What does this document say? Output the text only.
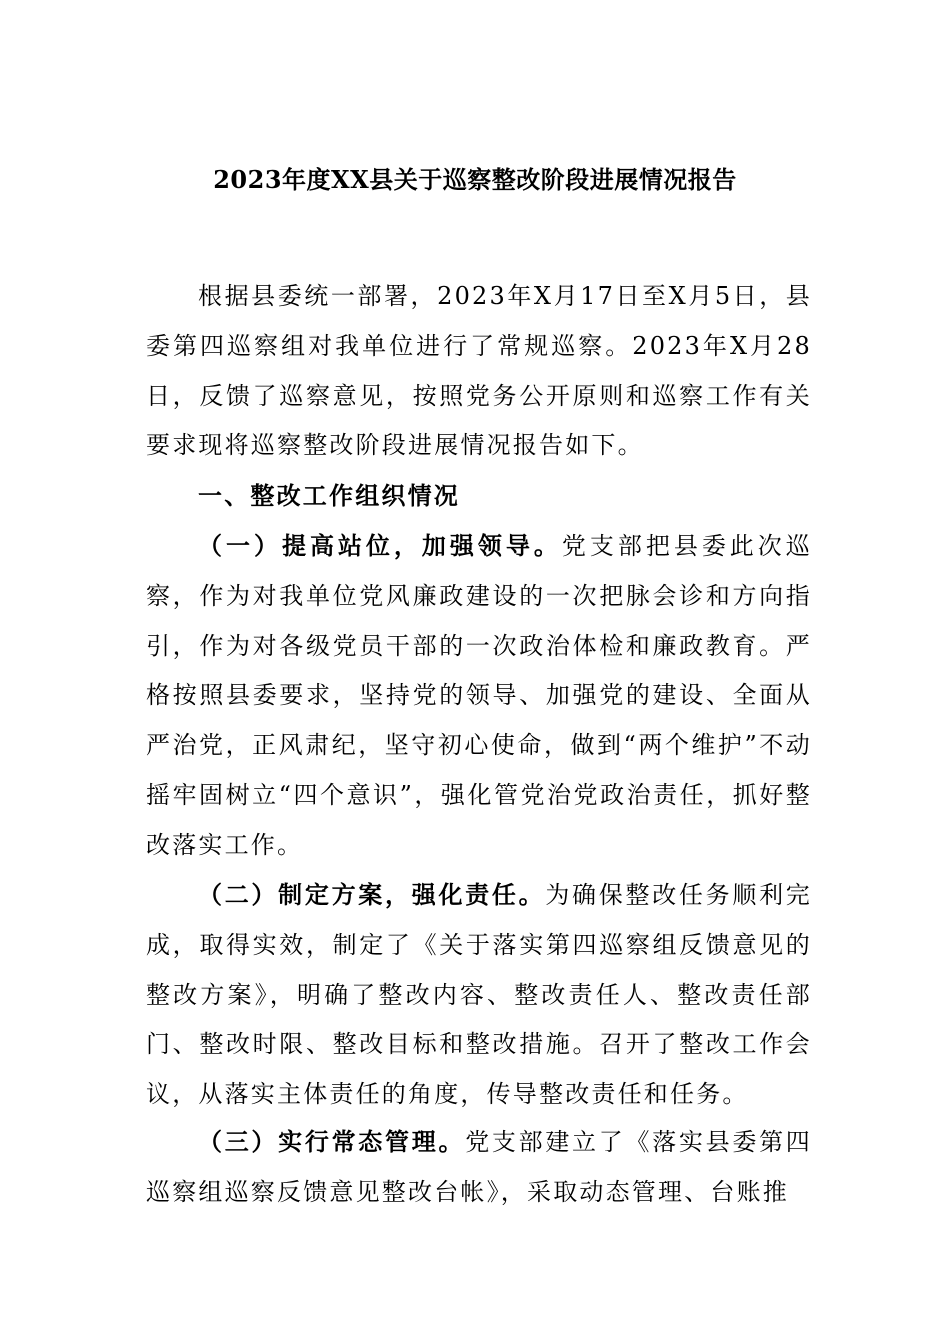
2023年度XX县关于巡察整改阶段进展情况报告

根据县委统一部署，2023年X月17日至X月5日，县委第四巡察组对我单位进行了常规巡察。2023年X月28日，反馈了巡察意见，按照党务公开原则和巡察工作有关要求现将巡察整改阶段进展情况报告如下。

一、整改工作组织情况

（一）提高站位，加强领导。党支部把县委此次巡察，作为对我单位党风廉政建设的一次把脉会诊和方向指引，作为对各级党员干部的一次政治体检和廉政教育。严格按照县委要求，坚持党的领导、加强党的建设、全面从严治党，正风肃纪，坚守初心使命，做到“两个维护”不动摇牢固树立“四个意识”，强化管党治党政治责任，抓好整改落实工作。

（二）制定方案，强化责任。为确保整改任务顺利完成，取得实效，制定了《关于落实第四巡察组反馈意见的整改方案》，明确了整改内容、整改责任人、整改责任部门、整改时限、整改目标和整改措施。召开了整改工作会议，从落实主体责任的角度，传导整改责任和任务。

（三）实行常态管理。党支部建立了《落实县委第四巡察组巡察反馈意见整改台帐》，采取动态管理、台账推
